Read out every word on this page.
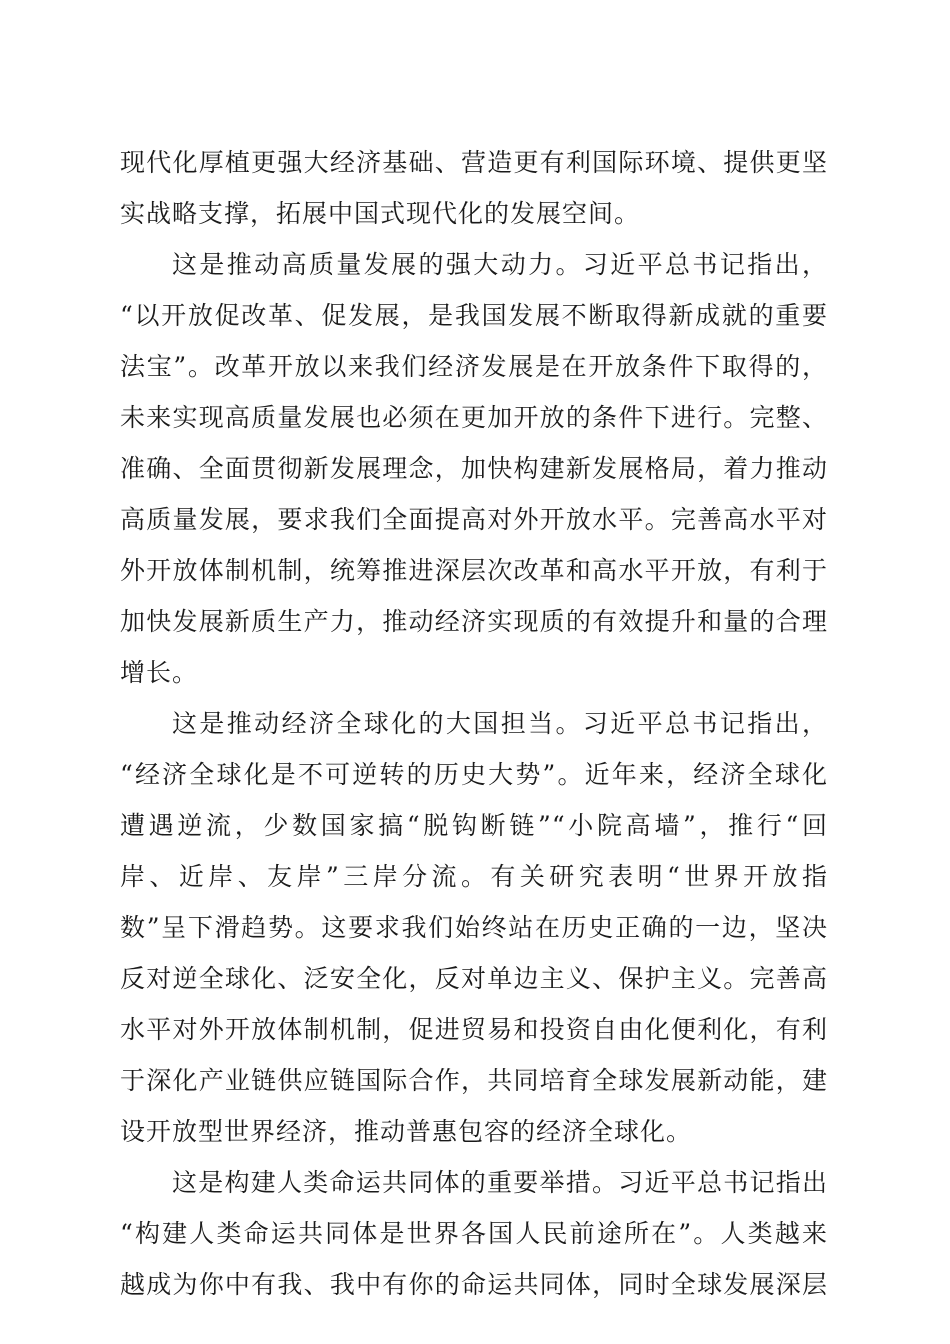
现代化厚植更强大经济基础、营造更有利国际环境、提供更坚
实战略支撑，拓展中国式现代化的发展空间。
这是推动高质量发展的强大动力。习近平总书记指出，
“以开放促改革、促发展，是我国发展不断取得新成就的重要
法宝”。改革开放以来我们经济发展是在开放条件下取得的，
未来实现高质量发展也必须在更加开放的条件下进行。完整、
准确、全面贯彻新发展理念，加快构建新发展格局，着力推动
高质量发展，要求我们全面提高对外开放水平。完善高水平对
外开放体制机制，统筹推进深层次改革和高水平开放，有利于
加快发展新质生产力，推动经济实现质的有效提升和量的合理
增长。
这是推动经济全球化的大国担当。习近平总书记指出，
“经济全球化是不可逆转的历史大势”。近年来，经济全球化
遭遇逆流，少数国家搞“脱钩断链”“小院高墙”，推行“回
岸、近岸、友岸”三岸分流。有关研究表明“世界开放指
数”呈下滑趋势。这要求我们始终站在历史正确的一边，坚决
反对逆全球化、泛安全化，反对单边主义、保护主义。完善高
水平对外开放体制机制，促进贸易和投资自由化便利化，有利
于深化产业链供应链国际合作，共同培育全球发展新动能，建
设开放型世界经济，推动普惠包容的经济全球化。
这是构建人类命运共同体的重要举措。习近平总书记指出
“构建人类命运共同体是世界各国人民前途所在”。人类越来
越成为你中有我、我中有你的命运共同体，同时全球发展深层
